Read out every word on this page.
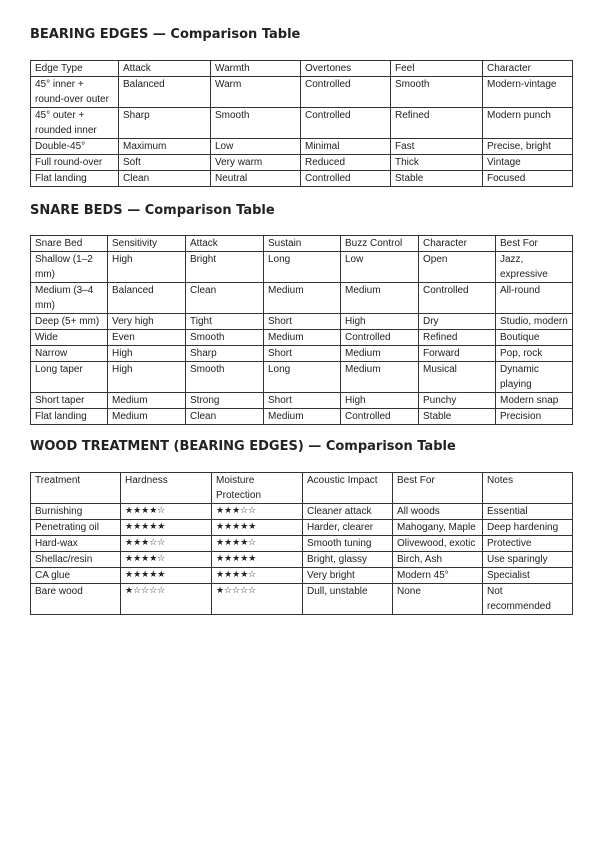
BEARING EDGES — Comparison Table
Edge Type	Attack	Warmth	Overtones	Feel	Character
45° inner + round-over outer	Balanced	Warm	Controlled	Smooth	Modern-vintage
45° outer + rounded inner	Sharp	Smooth	Controlled	Refined	Modern punch
Double-45°	Maximum	Low	Minimal	Fast	Precise, bright
Full round-over	Soft	Very warm	Reduced	Thick	Vintage
Flat landing	Clean	Neutral	Controlled	Stable	Focused
SNARE BEDS — Comparison Table
Snare Bed	Sensitivity	Attack	Sustain	Buzz Control	Character	Best For
Shallow (1–2 mm)	High	Bright	Long	Low	Open	Jazz, expressive
Medium (3–4 mm)	Balanced	Clean	Medium	Medium	Controlled	All-round
Deep (5+ mm)	Very high	Tight	Short	High	Dry	Studio, modern
Wide	Even	Smooth	Medium	Controlled	Refined	Boutique
Narrow	High	Sharp	Short	Medium	Forward	Pop, rock
Long taper	High	Smooth	Long	Medium	Musical	Dynamic playing
Short taper	Medium	Strong	Short	High	Punchy	Modern snap
Flat landing	Medium	Clean	Medium	Controlled	Stable	Precision
WOOD TREATMENT (BEARING EDGES) — Comparison Table
Treatment	Hardness	Moisture Protection	Acoustic Impact	Best For	Notes
Burnishing	★★★★☆	★★★☆☆	Cleaner attack	All woods	Essential
Penetrating oil	★★★★★	★★★★★	Harder, clearer	Mahogany, Maple	Deep hardening
Hard-wax	★★★☆☆	★★★★☆	Smooth tuning	Olivewood, exotic	Protective
Shellac/resin	★★★★☆	★★★★★	Bright, glassy	Birch, Ash	Use sparingly
CA glue	★★★★★	★★★★☆	Very bright	Modern 45°	Specialist
Bare wood	★☆☆☆☆	★☆☆☆☆	Dull, unstable	None	Not recommended
